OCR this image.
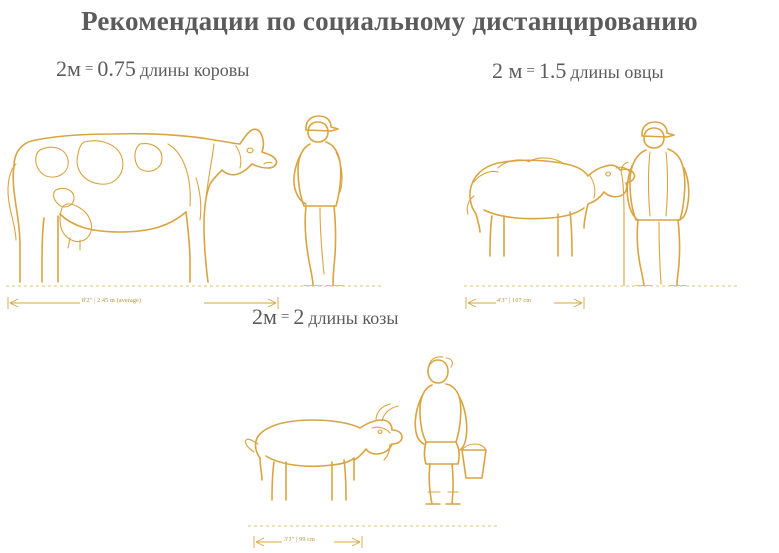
Рекомендации по социальному дистанцированию
2м = 0.75 длины коровы
8'2" | 2.45 m (average)
2 м = 1.5 длины овцы
4'3" | 107 cm
2м = 2 длины козы
3'3" | 99 cm
